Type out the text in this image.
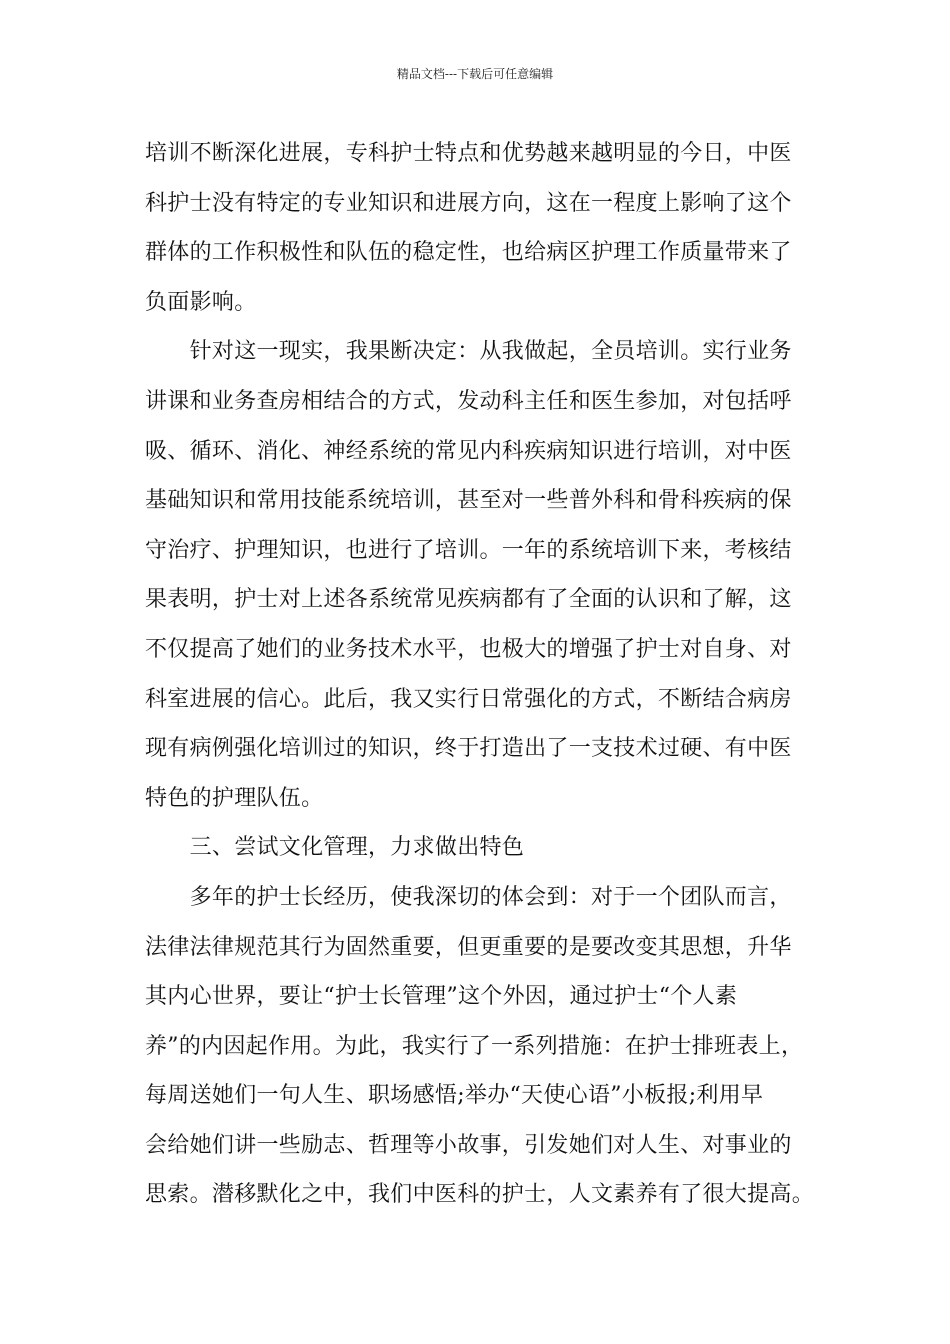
精品文档---下载后可任意编辑
培训不断深化进展，专科护士特点和优势越来越明显的今日，中医
科护士没有特定的专业知识和进展方向，这在一程度上影响了这个
群体的工作积极性和队伍的稳定性，也给病区护理工作质量带来了
负面影响。
　　针对这一现实，我果断决定：从我做起，全员培训。实行业务
讲课和业务查房相结合的方式，发动科主任和医生参加，对包括呼
吸、循环、消化、神经系统的常见内科疾病知识进行培训，对中医
基础知识和常用技能系统培训，甚至对一些普外科和骨科疾病的保
守治疗、护理知识，也进行了培训。一年的系统培训下来，考核结
果表明，护士对上述各系统常见疾病都有了全面的认识和了解，这
不仅提高了她们的业务技术水平，也极大的增强了护士对自身、对
科室进展的信心。此后，我又实行日常强化的方式，不断结合病房
现有病例强化培训过的知识，终于打造出了一支技术过硬、有中医
特色的护理队伍。
　　三、尝试文化管理，力求做出特色
　　多年的护士长经历，使我深切的体会到：对于一个团队而言，
法律法律规范其行为固然重要，但更重要的是要改变其思想，升华
其内心世界，要让“护士长管理”这个外因，通过护士“个人素
养”的内因起作用。为此，我实行了一系列措施：在护士排班表上，
每周送她们一句人生、职场感悟;举办“天使心语”小板报;利用早
会给她们讲一些励志、哲理等小故事，引发她们对人生、对事业的
思索。潜移默化之中，我们中医科的护士，人文素养有了很大提高。
